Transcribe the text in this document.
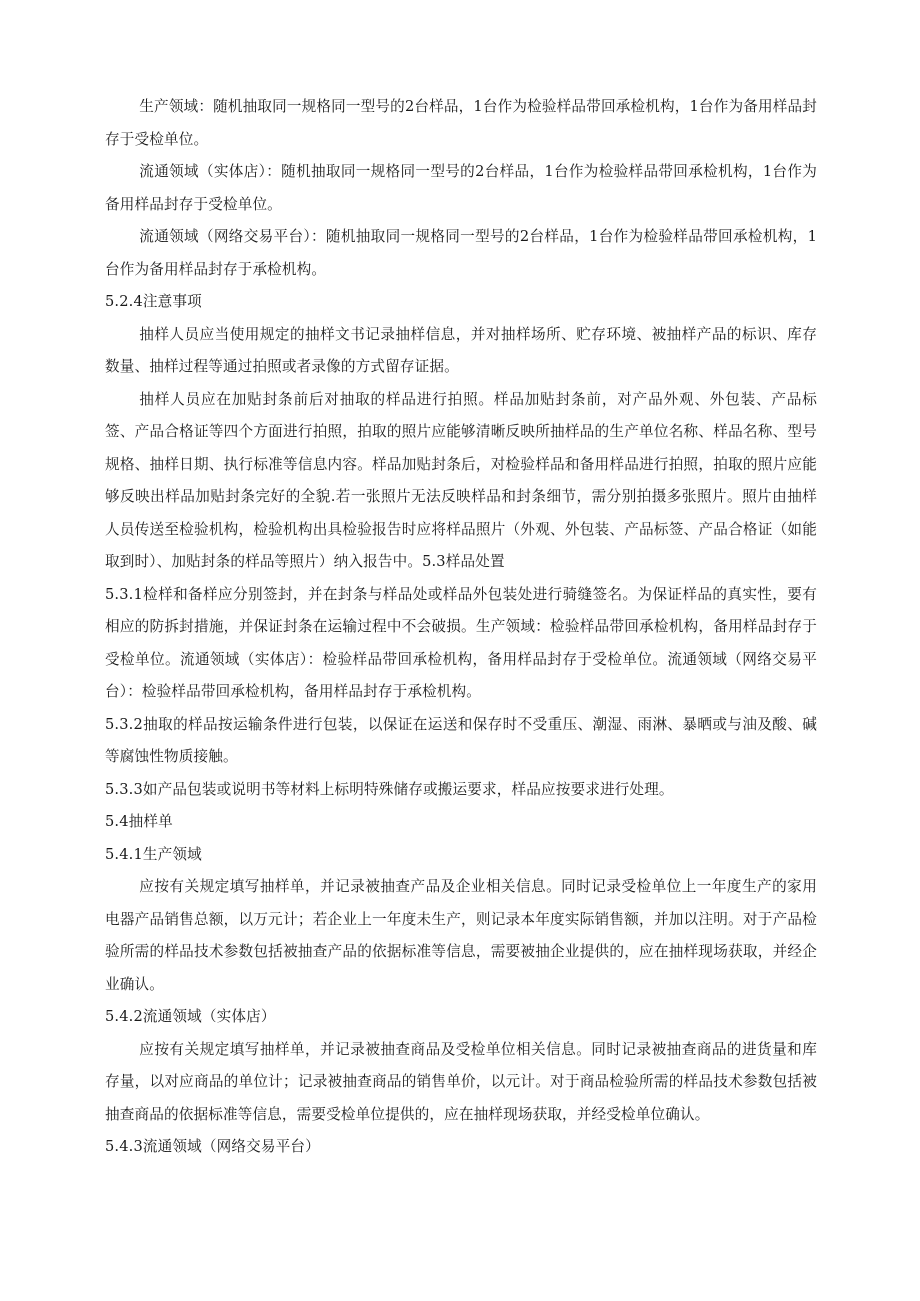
生产领域：随机抽取同一规格同一型号的2台样品，1台作为检验样品带回承检机构，1台作为备用样品封存于受检单位。

流通领域（实体店）：随机抽取同一规格同一型号的2台样品，1台作为检验样品带回承检机构，1台作为备用样品封存于受检单位。

流通领域（网络交易平台）：随机抽取同一规格同一型号的2台样品，1台作为检验样品带回承检机构，1台作为备用样品封存于承检机构。

5.2.4注意事项

抽样人员应当使用规定的抽样文书记录抽样信息，并对抽样场所、贮存环境、被抽样产品的标识、库存数量、抽样过程等通过拍照或者录像的方式留存证据。

抽样人员应在加贴封条前后对抽取的样品进行拍照。样品加贴封条前，对产品外观、外包装、产品标签、产品合格证等四个方面进行拍照，拍取的照片应能够清晰反映所抽样品的生产单位名称、样品名称、型号规格、抽样日期、执行标准等信息内容。样品加贴封条后，对检验样品和备用样品进行拍照，拍取的照片应能够反映出样品加贴封条完好的全貌.若一张照片无法反映样品和封条细节，需分别拍摄多张照片。照片由抽样人员传送至检验机构，检验机构出具检验报告时应将样品照片（外观、外包装、产品标签、产品合格证（如能取到时）、加贴封条的样品等照片）纳入报告中。5.3样品处置

5.3.1检样和备样应分别签封，并在封条与样品处或样品外包装处进行骑缝签名。为保证样品的真实性，要有相应的防拆封措施，并保证封条在运输过程中不会破损。生产领域：检验样品带回承检机构，备用样品封存于受检单位。流通领域（实体店）：检验样品带回承检机构，备用样品封存于受检单位。流通领域（网络交易平台）：检验样品带回承检机构，备用样品封存于承检机构。

5.3.2抽取的样品按运输条件进行包装，以保证在运送和保存时不受重压、潮湿、雨淋、暴晒或与油及酸、碱等腐蚀性物质接触。

5.3.3如产品包装或说明书等材料上标明特殊储存或搬运要求，样品应按要求进行处理。

5.4抽样单

5.4.1生产领域

应按有关规定填写抽样单，并记录被抽查产品及企业相关信息。同时记录受检单位上一年度生产的家用电器产品销售总额，以万元计；若企业上一年度未生产，则记录本年度实际销售额，并加以注明。对于产品检验所需的样品技术参数包括被抽查产品的依据标准等信息，需要被抽企业提供的，应在抽样现场获取，并经企业确认。

5.4.2流通领域（实体店）

应按有关规定填写抽样单，并记录被抽查商品及受检单位相关信息。同时记录被抽查商品的进货量和库存量，以对应商品的单位计；记录被抽查商品的销售单价，以元计。对于商品检验所需的样品技术参数包括被抽查商品的依据标准等信息，需要受检单位提供的，应在抽样现场获取，并经受检单位确认。

5.4.3流通领域（网络交易平台）
